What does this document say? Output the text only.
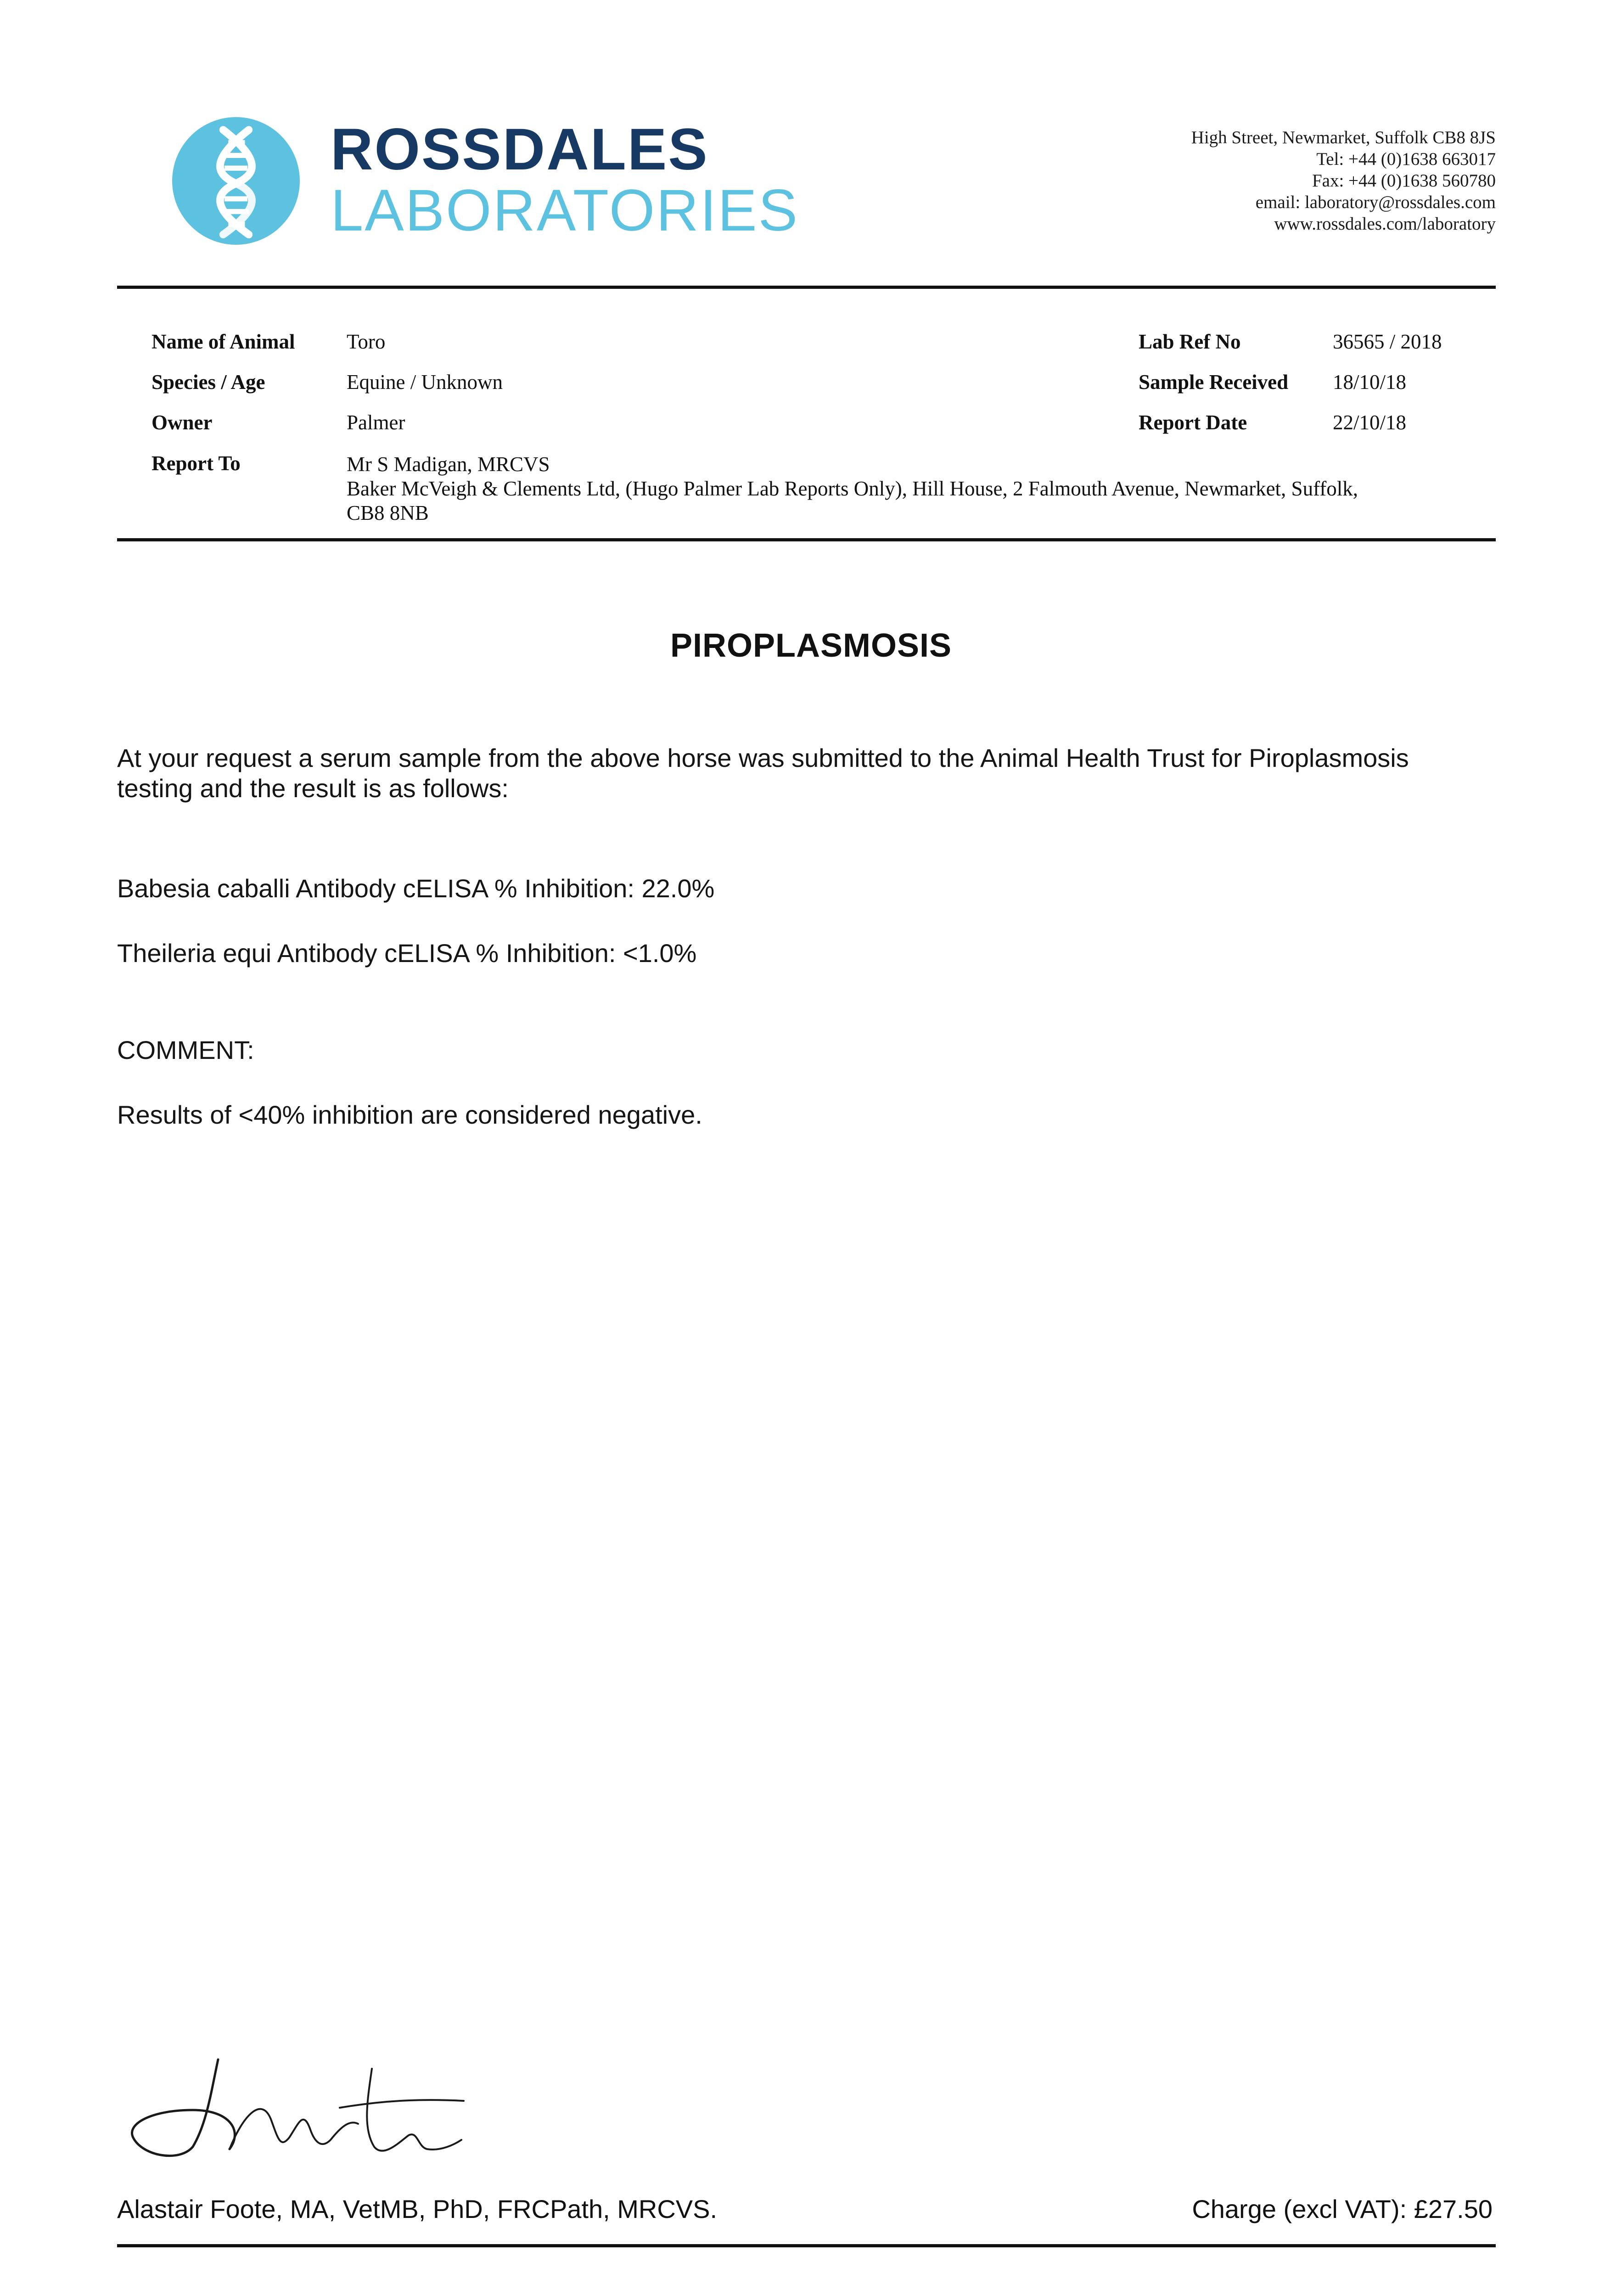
ROSSDALES
LABORATORIES
High Street, Newmarket, Suffolk CB8 8JS
Tel: +44 (0)1638 663017
Fax: +44 (0)1638 560780
email: laboratory@rossdales.com
www.rossdales.com/laboratory
Name of Animal	Toro
Species / Age	Equine / Unknown
Owner	Palmer
Report To	Mr S Madigan, MRCVS
Baker McVeigh & Clements Ltd, (Hugo Palmer Lab Reports Only), Hill House, 2 Falmouth Avenue, Newmarket, Suffolk,
CB8 8NB
Lab Ref No	36565 / 2018
Sample Received 18/10/18
Report Date	22/10/18
PIROPLASMOSIS
At your request a serum sample from the above horse was submitted to the Animal Health Trust for Piroplasmosis
testing and the result is as follows:
Babesia caballi Antibody cELISA % Inhibition: 22.0%
Theileria equi Antibody cELISA % Inhibition: <1.0%
COMMENT:
Results of <40% inhibition are considered negative.
Alastair Foote, MA, VetMB, PhD, FRCPath, MRCVS.	Charge (excl VAT): £27.50
